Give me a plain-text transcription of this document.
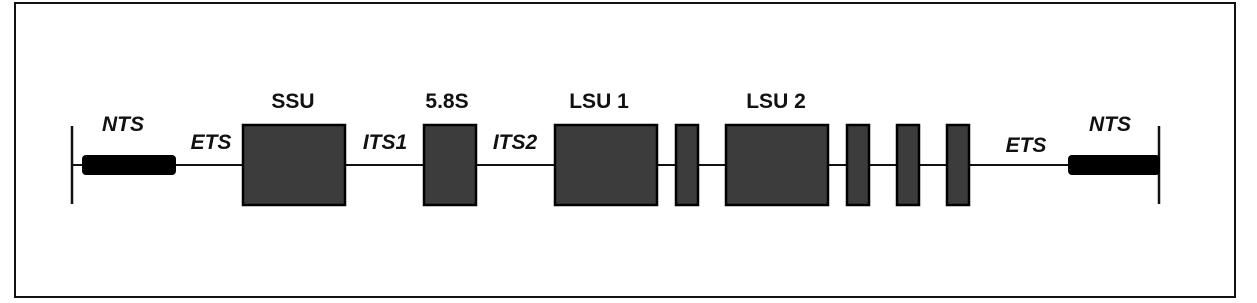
SSU	5.8S	LSU 1	LSU 2
NTS
ETS	ITS1	ITS2	ETS
NTS
